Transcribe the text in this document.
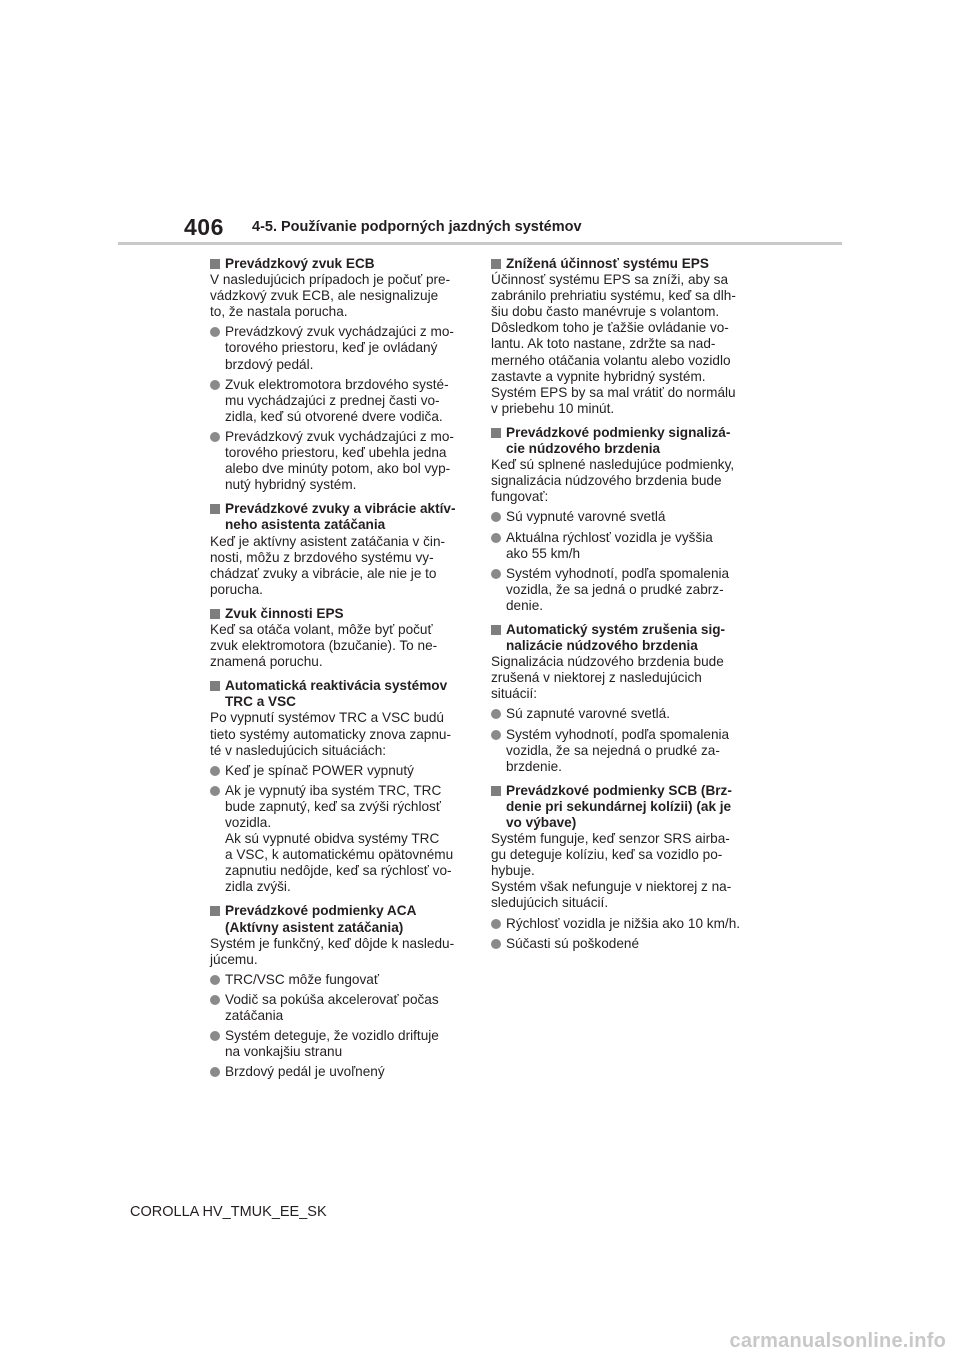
406 4-5. Používanie podporných jazdných systémov
Prevádzkový zvuk ECB
V nasledujúcich prípadoch je počuť pre-
vádzkový zvuk ECB, ale nesignalizuje
to, že nastala porucha.
Prevádzkový zvuk vychádzajúci z mo-
torového priestoru, keď je ovládaný
brzdový pedál.
Zvuk elektromotora brzdového systé-
mu vychádzajúci z prednej časti vo-
zidla, keď sú otvorené dvere vodiča.
Prevádzkový zvuk vychádzajúci z mo-
torového priestoru, keď ubehla jedna
alebo dve minúty potom, ako bol vyp-
nutý hybridný systém.
Prevádzkové zvuky a vibrácie aktív-
neho asistenta zatáčania
Keď je aktívny asistent zatáčania v čin-
nosti, môžu z brzdového systému vy-
chádzať zvuky a vibrácie, ale nie je to
porucha.
Zvuk činnosti EPS
Keď sa otáča volant, môže byť počuť
zvuk elektromotora (bzučanie). To ne-
znamená poruchu.
Automatická reaktivácia systémov
TRC a VSC
Po vypnutí systémov TRC a VSC budú
tieto systémy automaticky znova zapnu-
té v nasledujúcich situáciách:
Keď je spínač POWER vypnutý
Ak je vypnutý iba systém TRC, TRC
bude zapnutý, keď sa zvýši rýchlosť
vozidla.
Ak sú vypnuté obidva systémy TRC
a VSC, k automatickému opätovnému
zapnutiu nedôjde, keď sa rýchlosť vo-
zidla zvýši.
Prevádzkové podmienky ACA
(Aktívny asistent zatáčania)
Systém je funkčný, keď dôjde k nasledu-
júcemu.
TRC/VSC môže fungovať
Vodič sa pokúša akcelerovať počas
zatáčania
Systém deteguje, že vozidlo driftuje
na vonkajšiu stranu
Brzdový pedál je uvoľnený
Znížená účinnosť systému EPS
Účinnosť systému EPS sa zníži, aby sa
zabránilo prehriatiu systému, keď sa dlh-
šiu dobu často manévruje s volantom.
Dôsledkom toho je ťažšie ovládanie vo-
lantu. Ak toto nastane, zdržte sa nad-
merného otáčania volantu alebo vozidlo
zastavte a vypnite hybridný systém.
Systém EPS by sa mal vrátiť do normálu
v priebehu 10 minút.
Prevádzkové podmienky signalizá-
cie núdzového brzdenia
Keď sú splnené nasledujúce podmienky,
signalizácia núdzového brzdenia bude
fungovať:
Sú vypnuté varovné svetlá
Aktuálna rýchlosť vozidla je vyššia
ako 55 km/h
Systém vyhodnotí, podľa spomalenia
vozidla, že sa jedná o prudké zabrz-
denie.
Automatický systém zrušenia sig-
nalizácie núdzového brzdenia
Signalizácia núdzového brzdenia bude
zrušená v niektorej z nasledujúcich
situácií:
Sú zapnuté varovné svetlá.
Systém vyhodnotí, podľa spomalenia
vozidla, že sa nejedná o prudké za-
brzdenie.
Prevádzkové podmienky SCB (Brz-
denie pri sekundárnej kolízii) (ak je
vo výbave)
Systém funguje, keď senzor SRS airba-
gu deteguje kolíziu, keď sa vozidlo po-
hybuje.
Systém však nefunguje v niektorej z na-
sledujúcich situácií.
Rýchlosť vozidla je nižšia ako 10 km/h.
Súčasti sú poškodené
COROLLA HV_TMUK_EE_SK
carmanualsonline.info
